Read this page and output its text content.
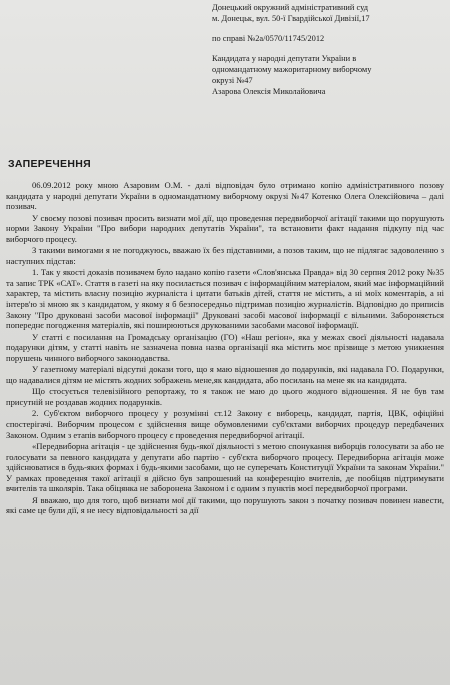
Донецький окружний адміністративний суд
м. Донецьк, вул. 50-ї Гвардійської Дивізії,17
по справі №2а/0570/11745/2012
Кандидата у народні депутати України в
одномандатному мажоритарному виборчому
окрузі №47
Азарова Олексія Миколайовича
ЗАПЕРЕЧЕННЯ

06.09.2012 року мною Азаровим О.М. - далі відповідач було отримано копію адміністративного позову кандидата у народні депутати України в одномандатному виборчому окрузі №47 Котенко Олега Олексійовича – далі позивач.

У своєму позові позивач просить визнати мої дії, що проведення передвиборчої агітації такими що порушують норми Закону України "Про вибори народних депутатів України", та встановити факт надання підкупу під час виборчого процесу.

З такими вимогами я не погоджуюсь, вважаю їх без підставними, а позов таким, що не підлягає задоволенню з наступних підстав:

1. Так у якості доказів позивачем було надано копію газети «Слов'янська Правда» від 30 серпня 2012 року №35 та запис ТРК «САТ». Стаття в газеті на яку посилається позивач є інформаційним матеріалом, який має інформаційний характер, та містить власну позицію журналіста і цитати батьків дітей, стаття не містить, а ні моїх коментарів, а ні інтерв'ю зі мною як з кандидатом, у якому я б безпосередньо підтримав позицію журналістів. Відповідно до приписів Закону "Про друковані засоби масової інформації" Друковані засобі масової інформації є вільними. Забороняється попереднє погодження матеріалів, які поширюються друкованими засобами масової інформації.

У статті є посилання на Громадську організацію (ГО) «Наш регіон», яка у межах своєї діяльності надавала подарунки дітям, у статті навіть не зазначена повна назва організації яка містить моє прізвище з метою уникнення порушень чинного виборчого законодавства.

У газетному матеріалі відсутні докази того, що я маю відношення до подарунків, які надавала ГО. Подарунки, що надавалися дітям не містять жодних зображень мене,як кандидата, або посилань на мене як на кандидата.

Що стосується телевізійного репортажу, то я також не маю до цього жодного відношення. Я не був там присутній не роздавав жодних подарунків.

2. Суб'єктом виборчого процесу у розумінні ст.12 Закону є виборець, кандидат, партія, ЦВК, офіційні спостерігачі. Виборчим процесом є здійснення вище обумовленими суб'єктами виборчих процедур передбачених Законом. Одним з етапів виборчого процесу є проведення передвиборчої агітації.

«Передвиборна агітація - це здійснення будь-якої діяльності з метою спонукання виборців голосувати за або не голосувати за певного кандидата у депутати або партію - суб'єкта виборчого процесу. Передвиборна агітація може здійснюватися в будь-яких формах і будь-якими засобами, що не суперечать Конституції України та законам України." У рамках проведення такої агітації я дійсно був запрошений на конференцію вчителів, де пообіцяв підтримувати вчителів та школярів. Така обіцянка не заборонена Законом і є одним з пунктів моєї передвиборчої програми.

Я вважаю, що для того, щоб визнати мої дії такими, що порушують закон з початку позивач повинен навести, які саме це були дії, я не несу відповідальності за дії
